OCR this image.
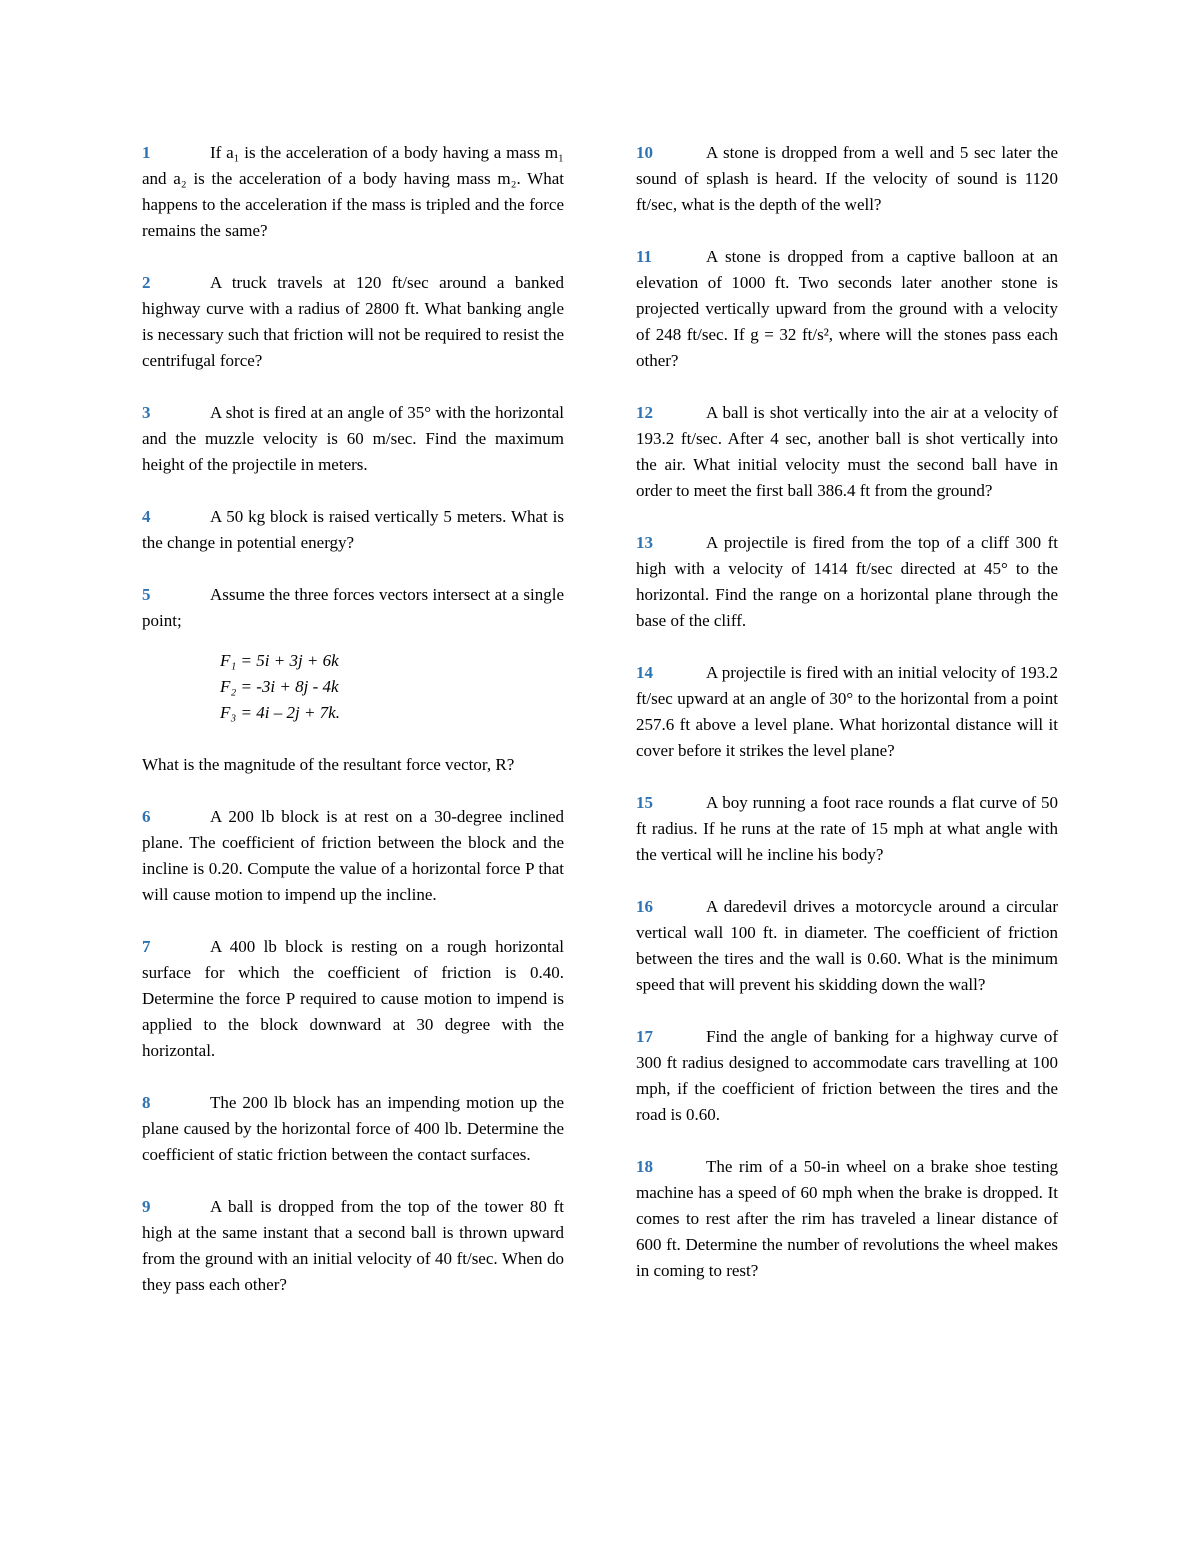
1	If a₁ is the acceleration of a body having a mass m₁ and a₂ is the acceleration of a body having mass m₂. What happens to the acceleration if the mass is tripled and the force remains the same?

2	A truck travels at 120 ft/sec around a banked highway curve with a radius of 2800 ft. What banking angle is necessary such that friction will not be required to resist the centrifugal force?

3	A shot is fired at an angle of 35° with the horizontal and the muzzle velocity is 60 m/sec. Find the maximum height of the projectile in meters.

4	A 50 kg block is raised vertically 5 meters. What is the change in potential energy?

5	Assume the three forces vectors intersect at a single point;

F₁ = 5i + 3j + 6k
F₂ = -3i + 8j - 4k
F₃ = 4i – 2j + 7k.

What is the magnitude of the resultant force vector, R?

6	A 200 lb block is at rest on a 30-degree inclined plane. The coefficient of friction between the block and the incline is 0.20. Compute the value of a horizontal force P that will cause motion to impend up the incline.

7	A 400 lb block is resting on a rough horizontal surface for which the coefficient of friction is 0.40. Determine the force P required to cause motion to impend is applied to the block downward at 30 degree with the horizontal.

8	The 200 lb block has an impending motion up the plane caused by the horizontal force of 400 lb. Determine the coefficient of static friction between the contact surfaces.

9	A ball is dropped from the top of the tower 80 ft high at the same instant that a second ball is thrown upward from the ground with an initial velocity of 40 ft/sec. When do they pass each other?

10	A stone is dropped from a well and 5 sec later the sound of splash is heard. If the velocity of sound is 1120 ft/sec, what is the depth of the well?

11	A stone is dropped from a captive balloon at an elevation of 1000 ft. Two seconds later another stone is projected vertically upward from the ground with a velocity of 248 ft/sec. If g = 32 ft/s², where will the stones pass each other?

12	A ball is shot vertically into the air at a velocity of 193.2 ft/sec. After 4 sec, another ball is shot vertically into the air. What initial velocity must the second ball have in order to meet the first ball 386.4 ft from the ground?

13	A projectile is fired from the top of a cliff 300 ft high with a velocity of 1414 ft/sec directed at 45° to the horizontal. Find the range on a horizontal plane through the base of the cliff.

14	A projectile is fired with an initial velocity of 193.2 ft/sec upward at an angle of 30° to the horizontal from a point 257.6 ft above a level plane. What horizontal distance will it cover before it strikes the level plane?

15	A boy running a foot race rounds a flat curve of 50 ft radius. If he runs at the rate of 15 mph at what angle with the vertical will he incline his body?

16	A daredevil drives a motorcycle around a circular vertical wall 100 ft. in diameter. The coefficient of friction between the tires and the wall is 0.60. What is the minimum speed that will prevent his skidding down the wall?

17	Find the angle of banking for a highway curve of 300 ft radius designed to accommodate cars travelling at 100 mph, if the coefficient of friction between the tires and the road is 0.60.

18	The rim of a 50-in wheel on a brake shoe testing machine has a speed of 60 mph when the brake is dropped. It comes to rest after the rim has traveled a linear distance of 600 ft. Determine the number of revolutions the wheel makes in coming to rest?
